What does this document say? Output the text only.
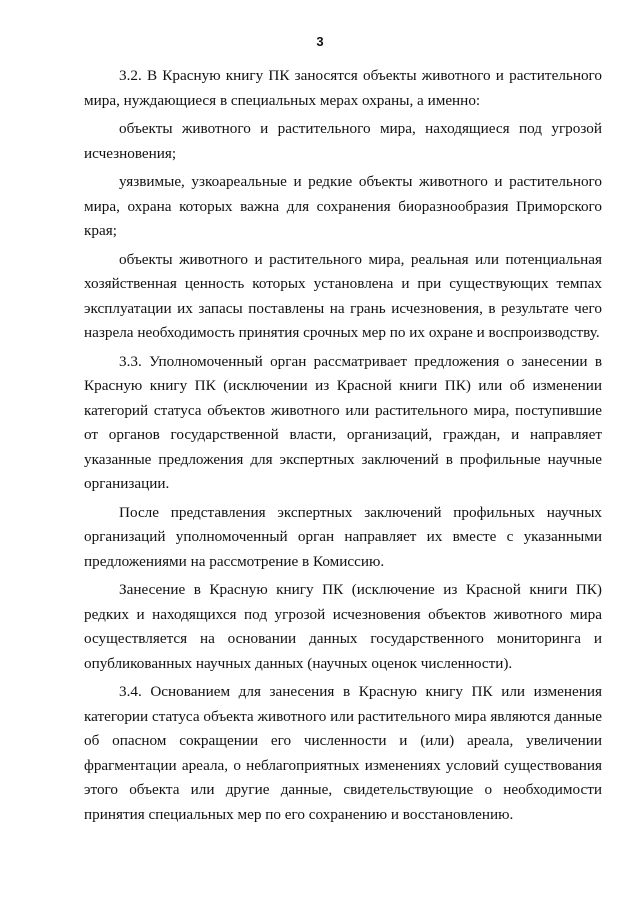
3
3.2. В Красную книгу ПК заносятся объекты животного и растительного
мира, нуждающиеся в специальных мерах охраны, а именно:
объекты животного и растительного мира, находящиеся под угрозой
исчезновения;
уязвимые, узкоареальные и редкие объекты животного и растительного
мира, охрана которых важна для сохранения биоразнообразия Приморского
края;
объекты животного и растительного мира, реальная или потенциальная
хозяйственная ценность которых установлена и при существующих темпах
эксплуатации их запасы поставлены на грань исчезновения, в результате чего
назрела необходимость принятия срочных мер по их охране и воспроизводству.
3.3. Уполномоченный орган рассматривает предложения о занесении в
Красную книгу ПК (исключении из Красной книги ПК) или об изменении
категорий статуса объектов животного или растительного мира, поступившие
от органов государственной власти, организаций, граждан, и направляет
указанные предложения для экспертных заключений в профильные научные
организации.
После представления экспертных заключений профильных научных
организаций уполномоченный орган направляет их вместе с указанными
предложениями на рассмотрение в Комиссию.
Занесение в Красную книгу ПК (исключение из Красной книги ПК)
редких и находящихся под угрозой исчезновения объектов животного мира
осуществляется на основании данных государственного мониторинга и
опубликованных научных данных (научных оценок численности).
3.4. Основанием для занесения в Красную книгу ПК или изменения
категории статуса объекта животного или растительного мира являются данные
об опасном сокращении его численности и (или) ареала, увеличении
фрагментации ареала, о неблагоприятных изменениях условий существования
этого объекта или другие данные, свидетельствующие о необходимости
принятия специальных мер по его сохранению и восстановлению.
